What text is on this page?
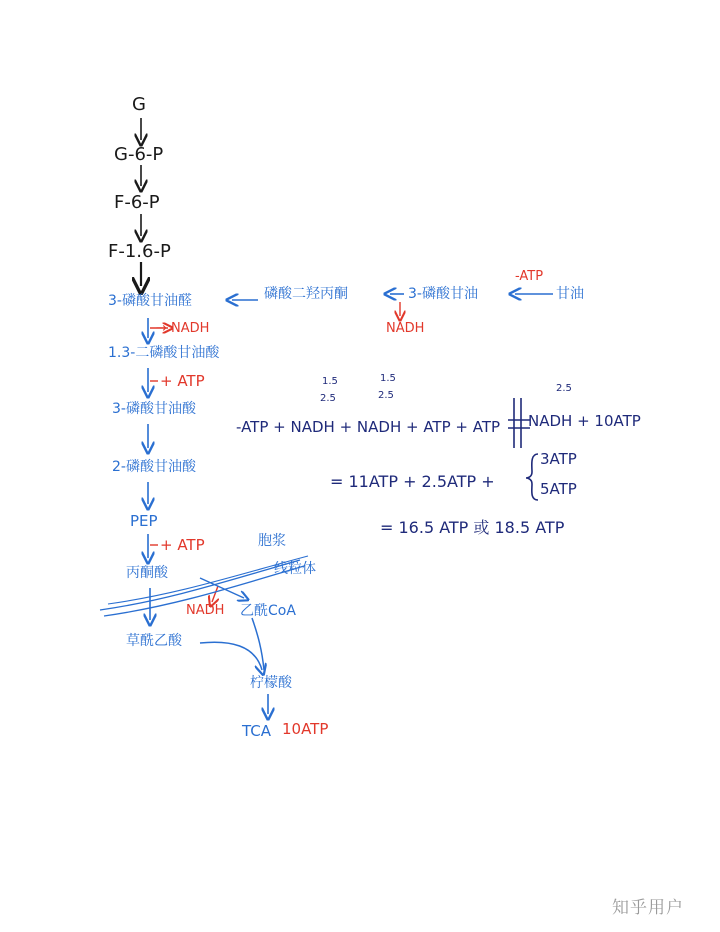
G
G-6-P
F-6-P
F-1.6-P
3-磷酸甘油醛
→ NADH
1.3-二磷酸甘油酸
+ ATP
3-磷酸甘油酸
2-磷酸甘油酸
PEP
+ ATP
丙酮酸
胞浆
线粒体
NADH 乙酰CoA
草酰乙酸
柠檬酸
TCA 10ATP
甘油
-ATP
3-磷酸甘油
NADH
磷酸二羟丙酮
1.5
2.5
1.5
2.5
2.5
-ATP + NADH + NADH + ATP + ATP NADH + 10ATP
= 11ATP + 2.5ATP +
3ATP
5ATP
= 16.5 ATP 或 18.5 ATP
知乎用户
